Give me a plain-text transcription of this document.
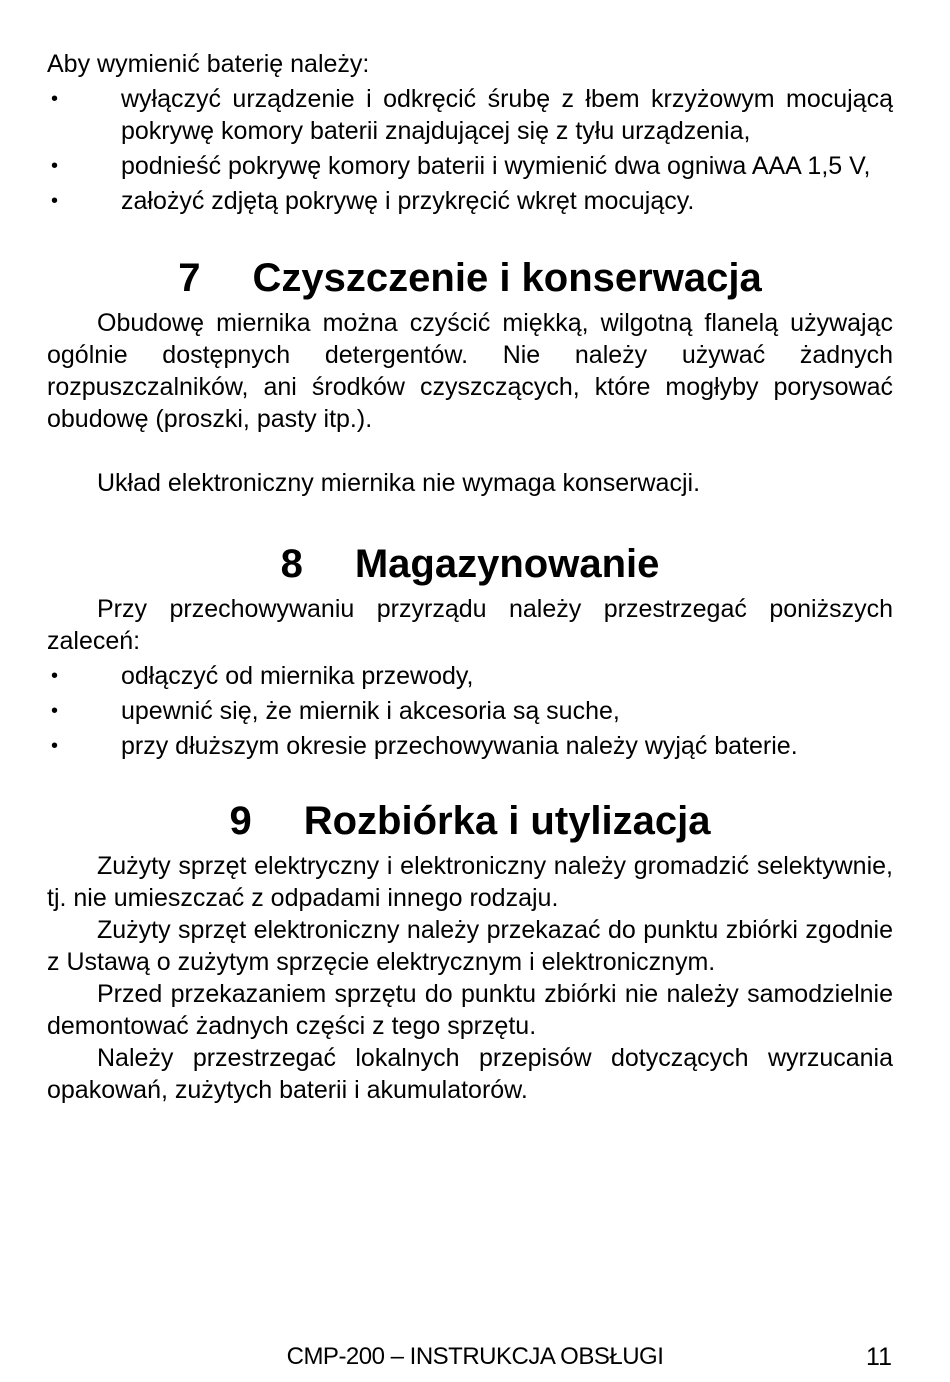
Aby wymienić baterię należy:

•	wyłączyć urządzenie i odkręcić śrubę z łbem krzyżowym mocującą pokrywę komory baterii znajdującej się z tyłu urządzenia,
•	podnieść pokrywę komory baterii i wymienić dwa ogniwa AAA 1,5 V,
•	założyć zdjętą pokrywę i przykręcić wkręt mocujący.
7 Czyszczenie i konserwacja

Obudowę miernika można czyścić miękką, wilgotną flanelą używając ogólnie dostępnych detergentów. Nie należy używać żadnych rozpuszczalników, ani środków czyszczących, które mogłyby porysować obudowę (proszki, pasty itp.).

Układ elektroniczny miernika nie wymaga konserwacji.

8 Magazynowanie

Przy przechowywaniu przyrządu należy przestrzegać poniższych zaleceń:

•	odłączyć od miernika przewody,
•	upewnić się, że miernik i akcesoria są suche,
•	przy dłuższym okresie przechowywania należy wyjąć baterie.
9 Rozbiórka i utylizacja

Zużyty sprzęt elektryczny i elektroniczny należy gromadzić selektywnie, tj. nie umieszczać z odpadami innego rodzaju.

Zużyty sprzęt elektroniczny należy przekazać do punktu zbiórki zgodnie z Ustawą o zużytym sprzęcie elektrycznym i elektronicznym.

Przed przekazaniem sprzętu do punktu zbiórki nie należy samodzielnie demontować żadnych części z tego sprzętu.

Należy przestrzegać lokalnych przepisów dotyczących wyrzucania opakowań, zużytych baterii i akumulatorów.

CMP-200 – INSTRUKCJA OBSŁUGI	11
